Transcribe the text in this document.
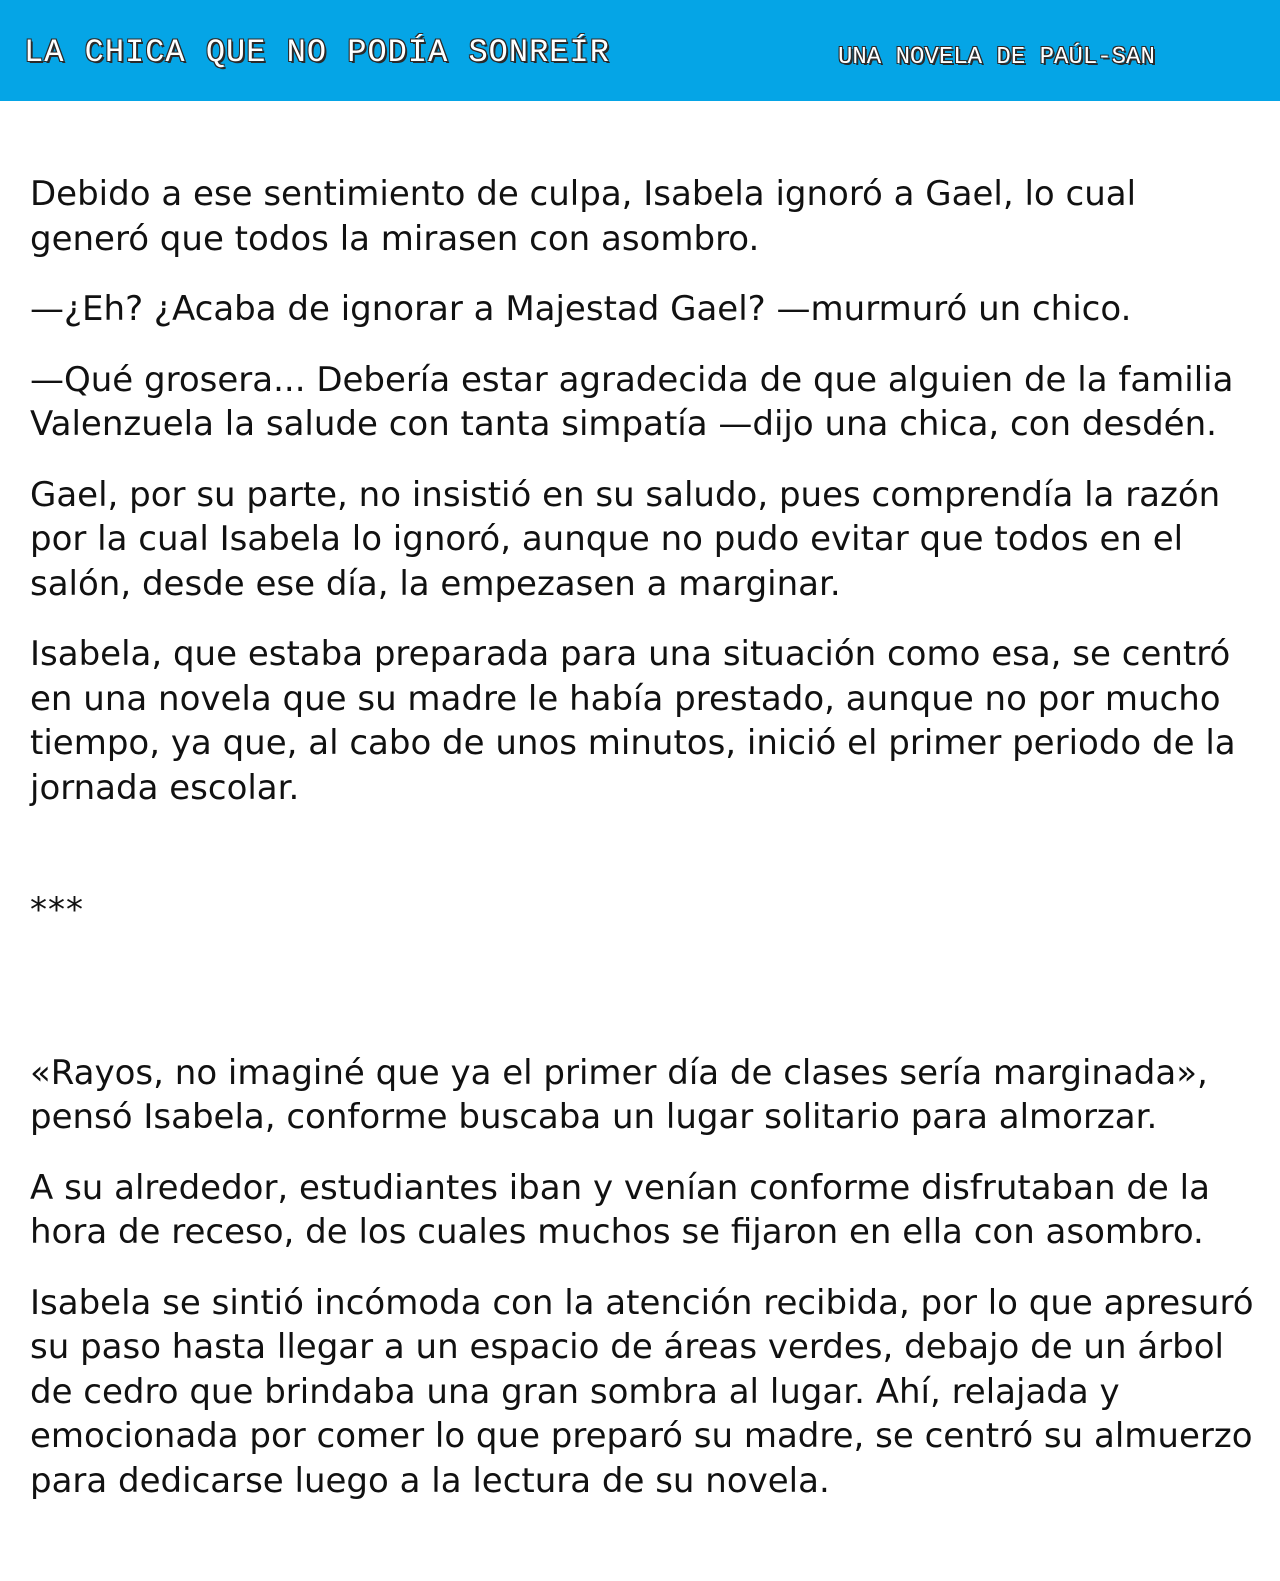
LA CHICA QUE NO PODÍA SONREÍR	UNA NOVELA DE PAÚL-SAN

Debido a ese sentimiento de culpa, Isabela ignoró a Gael, lo cual generó que todos la mirasen con asombro.

—¿Eh? ¿Acaba de ignorar a Majestad Gael? —murmuró un chico.

—Qué grosera... Debería estar agradecida de que alguien de la familia Valenzuela la salude con tanta simpatía —dijo una chica, con desdén.

Gael, por su parte, no insistió en su saludo, pues comprendía la razón por la cual Isabela lo ignoró, aunque no pudo evitar que todos en el salón, desde ese día, la empezasen a marginar.

Isabela, que estaba preparada para una situación como esa, se centró en una novela que su madre le había prestado, aunque no por mucho tiempo, ya que, al cabo de unos minutos, inició el primer periodo de la jornada escolar.

***

«Rayos, no imaginé que ya el primer día de clases sería marginada», pensó Isabela, conforme buscaba un lugar solitario para almorzar.

A su alrededor, estudiantes iban y venían conforme disfrutaban de la hora de receso, de los cuales muchos se fijaron en ella con asombro.

Isabela se sintió incómoda con la atención recibida, por lo que apresuró su paso hasta llegar a un espacio de áreas verdes, debajo de un árbol de cedro que brindaba una gran sombra al lugar. Ahí, relajada y emocionada por comer lo que preparó su madre, se centró su almuerzo para dedicarse luego a la lectura de su novela.
